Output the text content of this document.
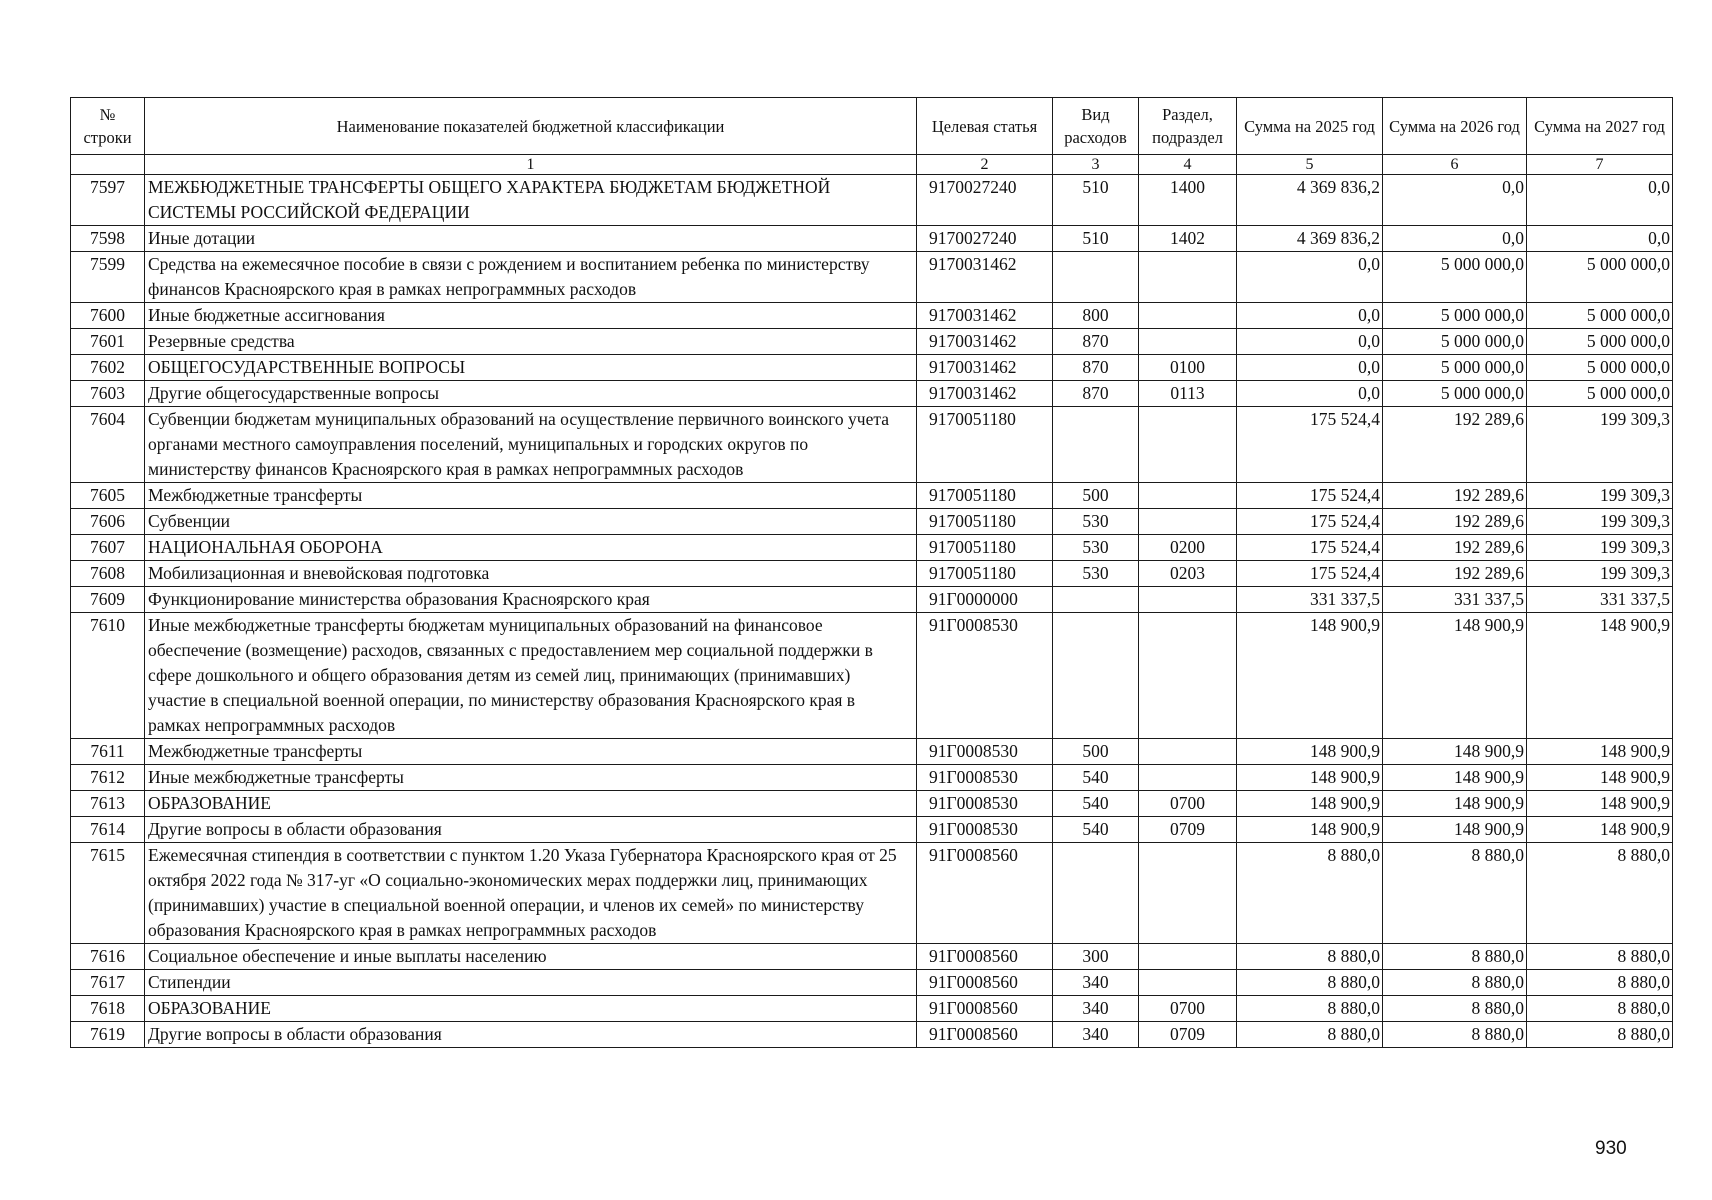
№ строки	Наименование показателей бюджетной классификации	Целевая статья	Вид расходов	Раздел, подраздел	Сумма на 2025 год	Сумма на 2026 год	Сумма на 2027 год
	1	2	3	4	5	6	7
7597	МЕЖБЮДЖЕТНЫЕ ТРАНСФЕРТЫ ОБЩЕГО ХАРАКТЕРА БЮДЖЕТАМ БЮДЖЕТНОЙ СИСТЕМЫ РОССИЙСКОЙ ФЕДЕРАЦИИ	9170027240	510	1400	4 369 836,2	0,0	0,0
7598	Иные дотации	9170027240	510	1402	4 369 836,2	0,0	0,0
7599	Средства на ежемесячное пособие в связи с рождением и воспитанием ребенка по министерству финансов Красноярского края в рамках непрограммных расходов	9170031462			0,0	5 000 000,0	5 000 000,0
7600	Иные бюджетные ассигнования	9170031462	800		0,0	5 000 000,0	5 000 000,0
7601	Резервные средства	9170031462	870		0,0	5 000 000,0	5 000 000,0
7602	ОБЩЕГОСУДАРСТВЕННЫЕ ВОПРОСЫ	9170031462	870	0100	0,0	5 000 000,0	5 000 000,0
7603	Другие общегосударственные вопросы	9170031462	870	0113	0,0	5 000 000,0	5 000 000,0
7604	Субвенции бюджетам муниципальных образований на осуществление первичного воинского учета органами местного самоуправления поселений, муниципальных и городских округов по министерству финансов Красноярского края в рамках непрограммных расходов	9170051180			175 524,4	192 289,6	199 309,3
7605	Межбюджетные трансферты	9170051180	500		175 524,4	192 289,6	199 309,3
7606	Субвенции	9170051180	530		175 524,4	192 289,6	199 309,3
7607	НАЦИОНАЛЬНАЯ ОБОРОНА	9170051180	530	0200	175 524,4	192 289,6	199 309,3
7608	Мобилизационная и вневойсковая подготовка	9170051180	530	0203	175 524,4	192 289,6	199 309,3
7609	Функционирование министерства образования Красноярского края	91Г0000000			331 337,5	331 337,5	331 337,5
7610	Иные межбюджетные трансферты бюджетам муниципальных образований на финансовое обеспечение (возмещение) расходов, связанных с предоставлением мер социальной поддержки в сфере дошкольного и общего образования детям из семей лиц, принимающих (принимавших) участие в специальной военной операции, по министерству образования Красноярского края в рамках непрограммных расходов	91Г0008530			148 900,9	148 900,9	148 900,9
7611	Межбюджетные трансферты	91Г0008530	500		148 900,9	148 900,9	148 900,9
7612	Иные межбюджетные трансферты	91Г0008530	540		148 900,9	148 900,9	148 900,9
7613	ОБРАЗОВАНИЕ	91Г0008530	540	0700	148 900,9	148 900,9	148 900,9
7614	Другие вопросы в области образования	91Г0008530	540	0709	148 900,9	148 900,9	148 900,9
7615	Ежемесячная стипендия в соответствии с пунктом 1.20 Указа Губернатора Красноярского края от 25 октября 2022 года № 317-уг «О социально-экономических мерах поддержки лиц, принимающих (принимавших) участие в специальной военной операции, и членов их семей» по министерству образования Красноярского края в рамках непрограммных расходов	91Г0008560			8 880,0	8 880,0	8 880,0
7616	Социальное обеспечение и иные выплаты населению	91Г0008560	300		8 880,0	8 880,0	8 880,0
7617	Стипендии	91Г0008560	340		8 880,0	8 880,0	8 880,0
7618	ОБРАЗОВАНИЕ	91Г0008560	340	0700	8 880,0	8 880,0	8 880,0
7619	Другие вопросы в области образования	91Г0008560	340	0709	8 880,0	8 880,0	8 880,0
930
